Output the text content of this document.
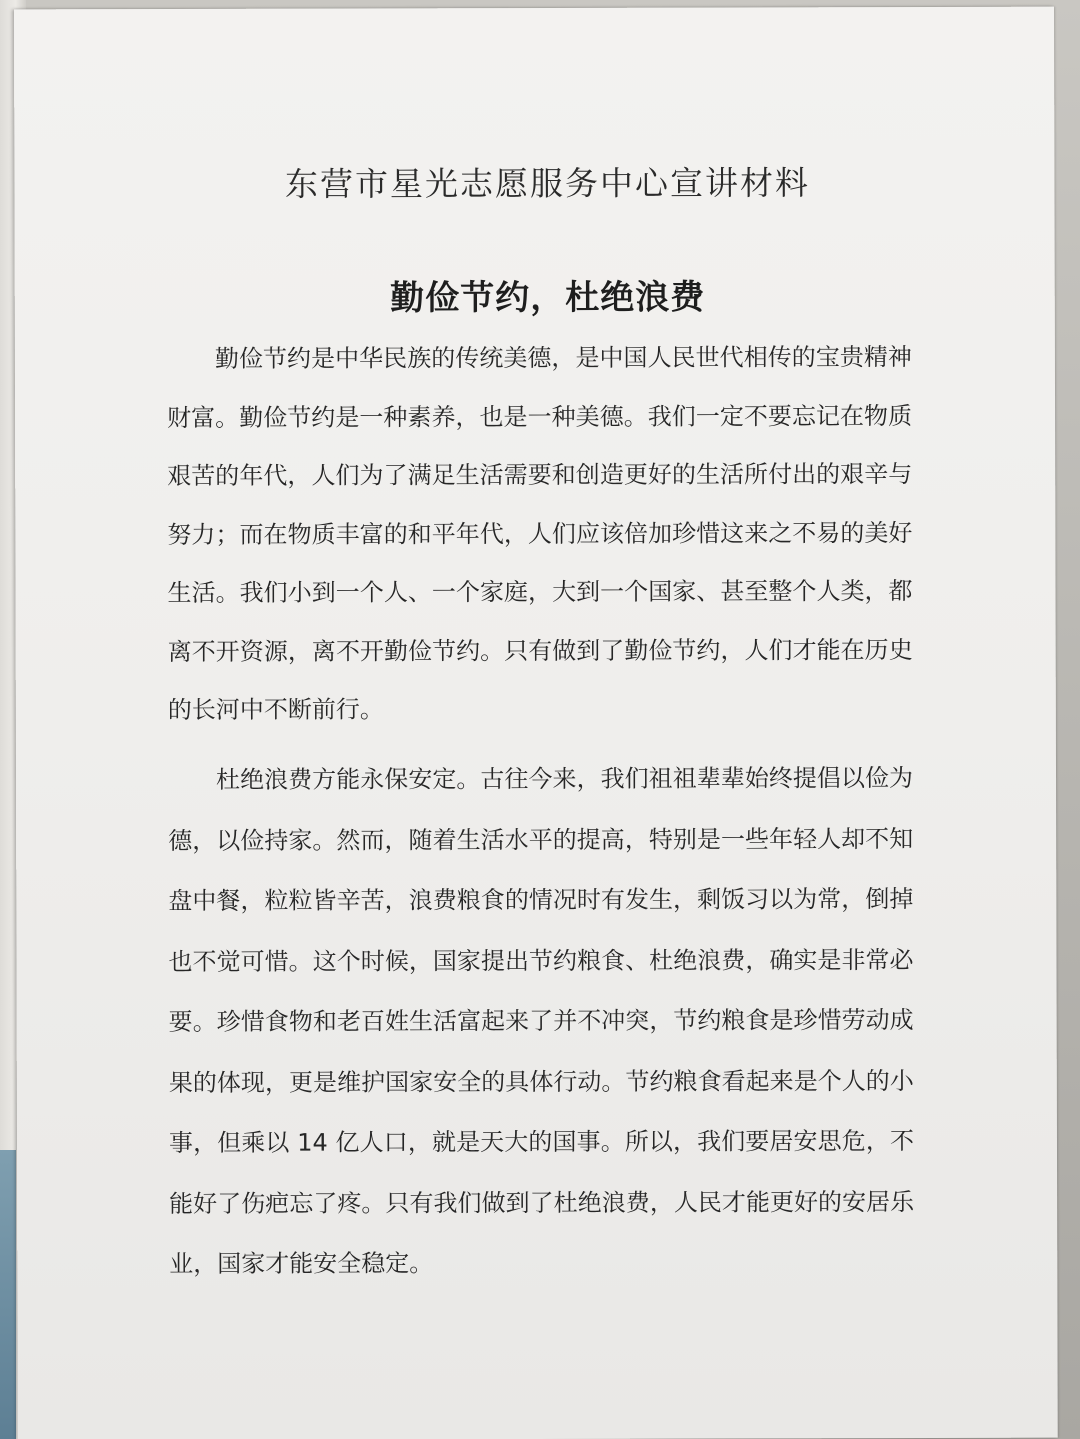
东营市星光志愿服务中心宣讲材料
勤俭节约，杜绝浪费

勤俭节约是中华民族的传统美德，是中国人民世代相传的宝贵精神财富。勤俭节约是一种素养，也是一种美德。我们一定不要忘记在物质艰苦的年代，人们为了满足生活需要和创造更好的生活所付出的艰辛与努力；而在物质丰富的和平年代，人们应该倍加珍惜这来之不易的美好生活。我们小到一个人、一个家庭，大到一个国家、甚至整个人类，都离不开资源，离不开勤俭节约。只有做到了勤俭节约，人们才能在历史的长河中不断前行。

杜绝浪费方能永保安定。古往今来，我们祖祖辈辈始终提倡以俭为德，以俭持家。然而，随着生活水平的提高，特别是一些年轻人却不知盘中餐，粒粒皆辛苦，浪费粮食的情况时有发生，剩饭习以为常，倒掉也不觉可惜。这个时候，国家提出节约粮食、杜绝浪费，确实是非常必要。珍惜食物和老百姓生活富起来了并不冲突，节约粮食是珍惜劳动成果的体现，更是维护国家安全的具体行动。节约粮食看起来是个人的小事，但乘以 14 亿人口，就是天大的国事。所以，我们要居安思危，不能好了伤疤忘了疼。只有我们做到了杜绝浪费，人民才能更好的安居乐业，国家才能安全稳定。
